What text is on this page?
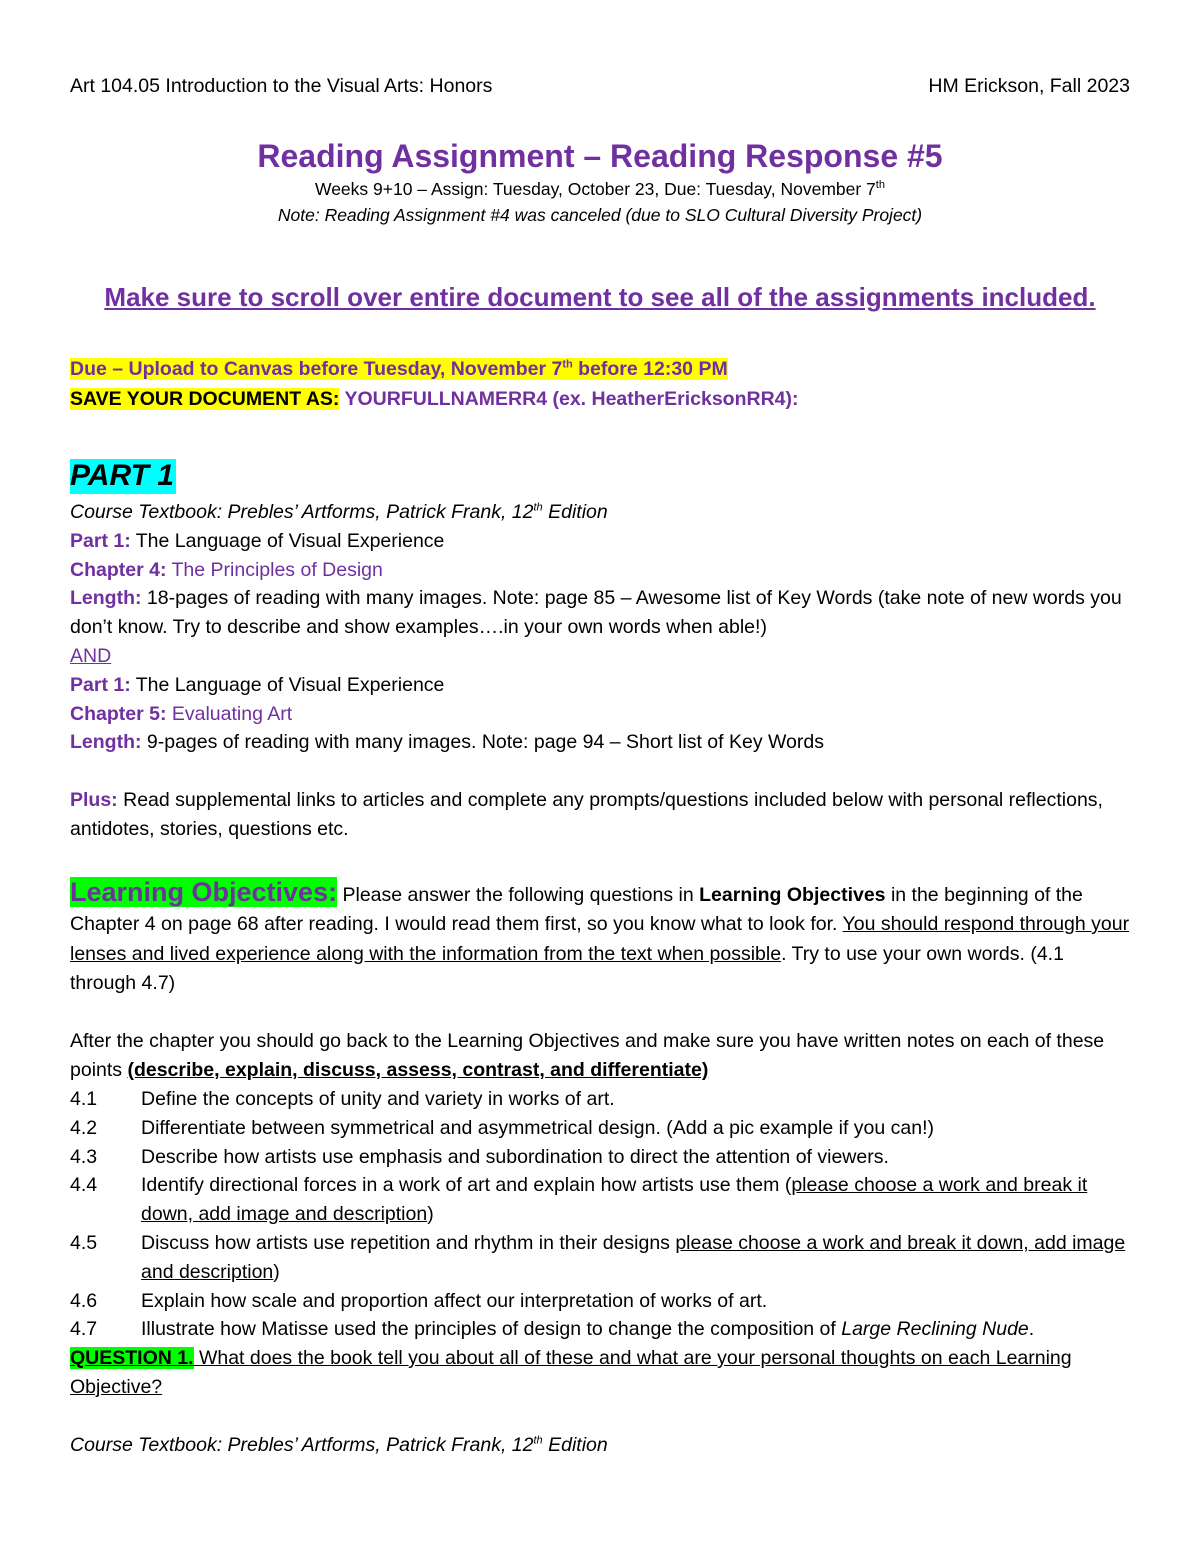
Art 104.05 Introduction to the Visual Arts: Honors	HM Erickson, Fall 2023
Reading Assignment – Reading Response #5
Weeks 9+10 – Assign: Tuesday, October 23, Due: Tuesday, November 7th
Note: Reading Assignment #4 was canceled (due to SLO Cultural Diversity Project)
Make sure to scroll over entire document to see all of the assignments included.
Due – Upload to Canvas before Tuesday, November 7th before 12:30 PM
SAVE YOUR DOCUMENT AS: YOURFULLNAMERR4 (ex. HeatherEricksonRR4):
PART 1
Course Textbook: Prebles’ Artforms, Patrick Frank, 12th Edition
Part 1: The Language of Visual Experience
Chapter 4: The Principles of Design
Length: 18-pages of reading with many images. Note: page 85 – Awesome list of Key Words (take note of new words you don’t know. Try to describe and show examples….in your own words when able!)
AND
Part 1: The Language of Visual Experience
Chapter 5: Evaluating Art
Length: 9-pages of reading with many images. Note: page 94 – Short list of Key Words
Plus: Read supplemental links to articles and complete any prompts/questions included below with personal reflections, antidotes, stories, questions etc.
Learning Objectives: Please answer the following questions in Learning Objectives in the beginning of the Chapter 4 on page 68 after reading. I would read them first, so you know what to look for. You should respond through your lenses and lived experience along with the information from the text when possible. Try to use your own words. (4.1 through 4.7)
After the chapter you should go back to the Learning Objectives and make sure you have written notes on each of these points (describe, explain, discuss, assess, contrast, and differentiate)
4.1	Define the concepts of unity and variety in works of art.
4.2	Differentiate between symmetrical and asymmetrical design. (Add a pic example if you can!)
4.3	Describe how artists use emphasis and subordination to direct the attention of viewers.
4.4	Identify directional forces in a work of art and explain how artists use them (please choose a work and break it down, add image and description)
4.5	Discuss how artists use repetition and rhythm in their designs please choose a work and break it down, add image and description)
4.6	Explain how scale and proportion affect our interpretation of works of art.
4.7	Illustrate how Matisse used the principles of design to change the composition of Large Reclining Nude.
QUESTION 1. What does the book tell you about all of these and what are your personal thoughts on each Learning Objective?
Course Textbook: Prebles’ Artforms, Patrick Frank, 12th Edition
